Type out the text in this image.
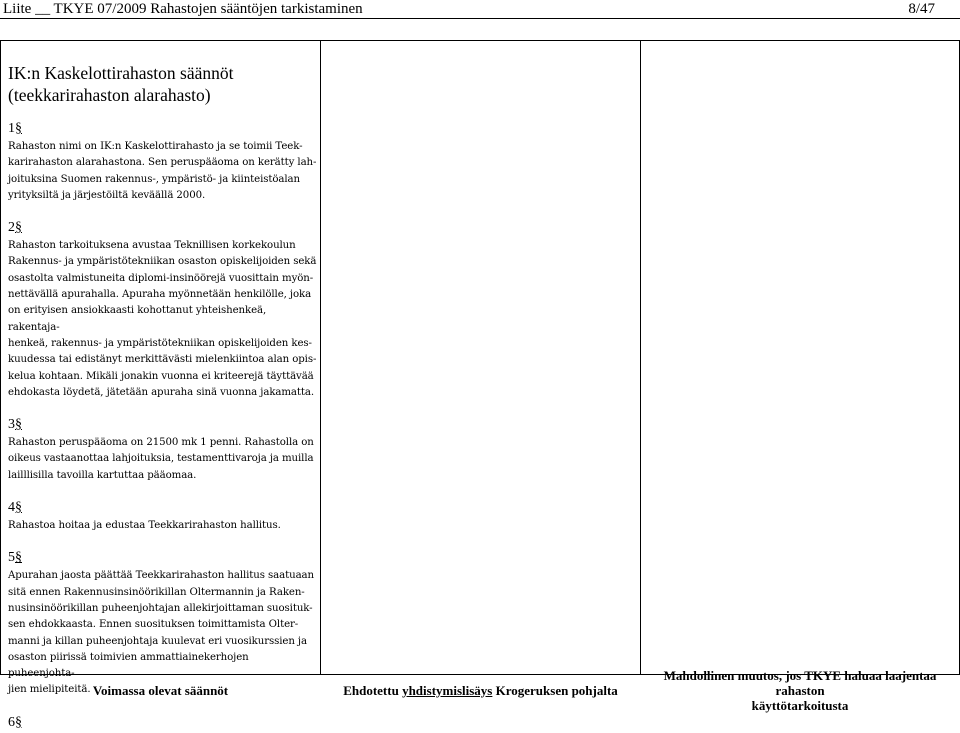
Liite __ TKYE 07/2009 Rahastojen sääntöjen tarkistaminen	8/47
IK:n Kaskelottirahaston säännöt
(teekkarirahaston alarahasto)
1§
Rahaston nimi on IK:n Kaskelottirahasto ja se toimii Teek-
karirahaston alarahastona. Sen peruspääoma on kerätty lah-
joituksina Suomen rakennus-, ympäristö- ja kiinteistöalan
yrityksiltä ja järjestöiltä keväällä 2000.
2§
Rahaston tarkoituksena avustaa Teknillisen korkekoulun
Rakennus- ja ympäristötekniikan osaston opiskelijoiden sekä
osastolta valmistuneita diplomi-insinöörejä vuosittain myön-
nettävällä apurahalla. Apuraha myönnetään henkilölle, joka
on erityisen ansiokkaasti kohottanut yhteishenkeä, rakentaja-
henkeä, rakennus- ja ympäristötekniikan opiskelijoiden kes-
kuudessa tai edistänyt merkittävästi mielenkiintoa alan opis-
kelua kohtaan. Mikäli jonakin vuonna ei kriteerejä täyttävää
ehdokasta löydetä, jätetään apuraha sinä vuonna jakamatta.
3§
Rahaston peruspääoma on 21500 mk 1 penni. Rahastolla on
oikeus vastaanottaa lahjoituksia, testamenttivaroja ja muilla
lailllisilla tavoilla kartuttaa pääomaa.
4§
Rahastoa hoitaa ja edustaa Teekkarirahaston hallitus.
5§
Apurahan jaosta päättää Teekkarirahaston hallitus saatuaan
sitä ennen Rakennusinsinöörikillan Oltermannin ja Raken-
nusinsinöörikillan puheenjohtajan allekirjoittaman suosituk-
sen ehdokkaasta. Ennen suosituksen toimittamista Olter-
manni ja killan puheenjohtaja kuulevat eri vuosikurssien ja
osaston piirissä toimivien ammattiainekerhojen puheenjohta-
jien mielipiteitä.
6§
Voimassa olevat säännöt	Ehdotettu yhdistymislisäys Krogeruksen pohjalta
Mahdollinen muutos, jos TKYE haluaa laajentaa rahaston
käyttötarkoitusta
